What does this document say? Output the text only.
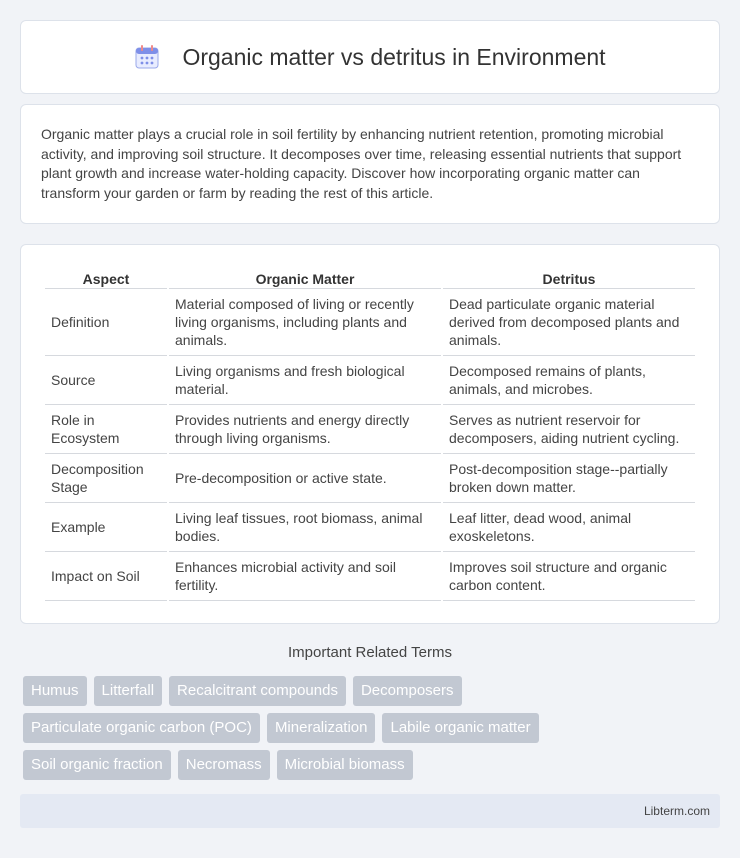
Organic matter vs detritus in Environment

Organic matter plays a crucial role in soil fertility by enhancing nutrient retention, promoting microbial activity, and improving soil structure. It decomposes over time, releasing essential nutrients that support plant growth and increase water-holding capacity. Discover how incorporating organic matter can transform your garden or farm by reading the rest of this article.

Aspect	Organic Matter	Detritus
Definition	Material composed of living or recently living organisms, including plants and animals.	Dead particulate organic material derived from decomposed plants and animals.
Source	Living organisms and fresh biological material.	Decomposed remains of plants, animals, and microbes.
Role in Ecosystem	Provides nutrients and energy directly through living organisms.	Serves as nutrient reservoir for decomposers, aiding nutrient cycling.
Decomposition Stage	Pre-decomposition or active state.	Post-decomposition stage--partially broken down matter.
Example	Living leaf tissues, root biomass, animal bodies.	Leaf litter, dead wood, animal exoskeletons.
Impact on Soil	Enhances microbial activity and soil fertility.	Improves soil structure and organic carbon content.
Important Related Terms
Humus	Litterfall	Recalcitrant compounds	Decomposers
Particulate organic carbon (POC)	Mineralization	Labile organic matter
Soil organic fraction	Necromass	Microbial biomass
Libterm.com
